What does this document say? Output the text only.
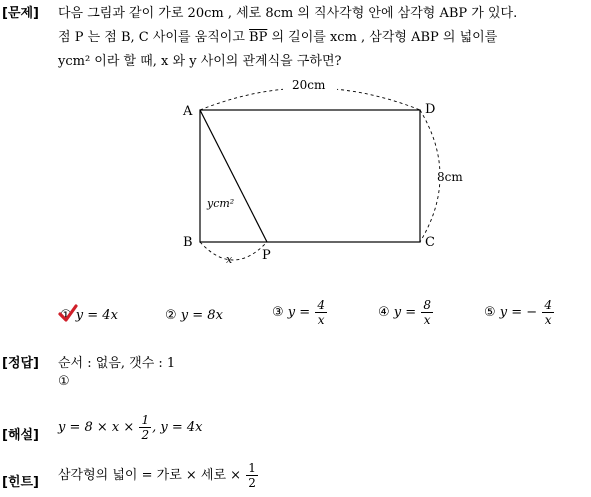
[문제] 다음 그림과 같이 가로 20cm , 세로 8cm 의 직사각형 안에 삼각형 ABP 가 있다.
점 P 는 점 B, C 사이를 움직이고 $\overline{BP}$ 의 길이를 xcm , 삼각형 ABP 의 넓이를
ycm² 이라 할 때, x 와 y 사이의 관계식을 구하면?
A	D
B	C
P
20cm
8cm
ycm²
x
① y = 4x	② y = 8x	③ $y = \frac{4}{x}$	④ $y = \frac{8}{x}$	⑤ y = − $\frac{4}{x}$
[정답] 순서 : 없음, 갯수 : 1
①
[해설]
$y = 8 \times x \times \frac{1}{2}$ , y = 4x
[힌트] 삼각형의 넓이 = 가로 × 세로 × $\frac{1}{2}$
